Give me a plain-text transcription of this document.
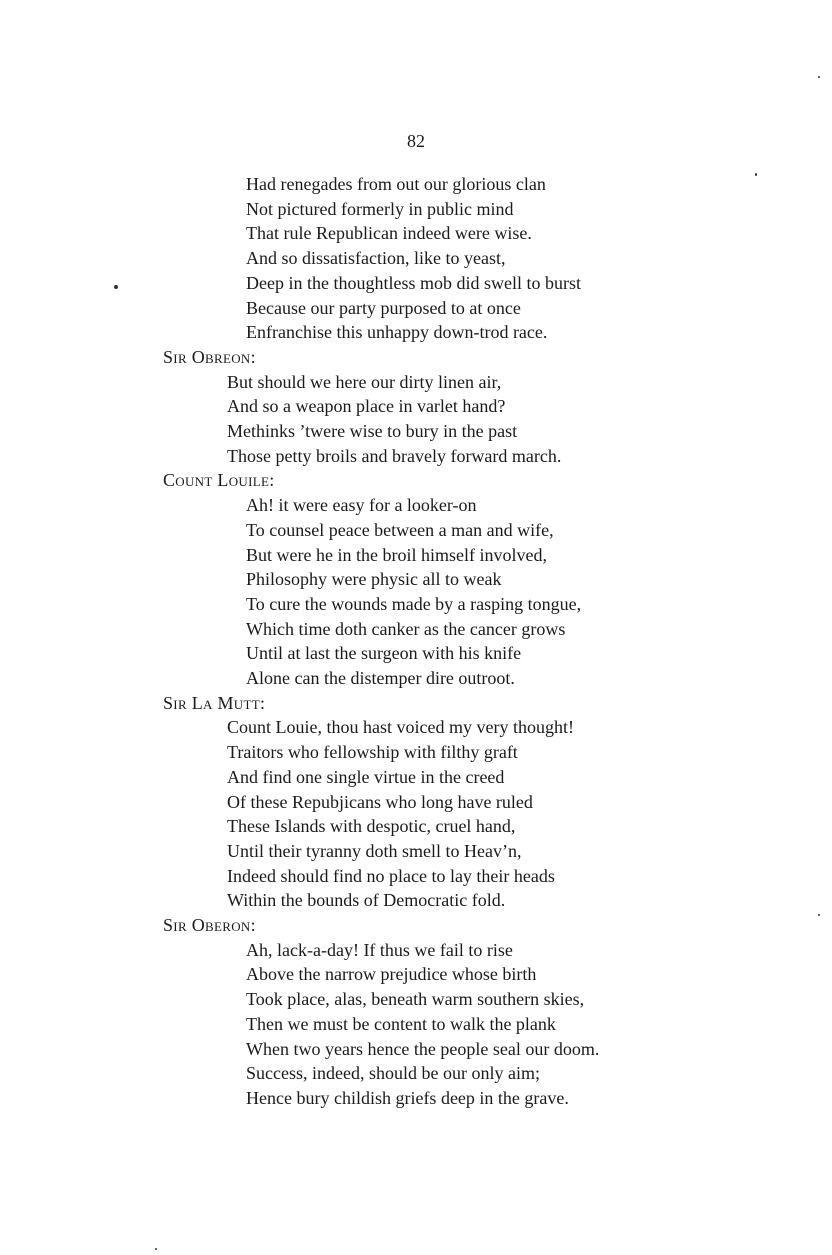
82
Had renegades from out our glorious clan
Not pictured formerly in public mind
That rule Republican indeed were wise.
And so dissatisfaction, like to yeast,
Deep in the thoughtless mob did swell to burst
Because our party purposed to at once
Enfranchise this unhappy down-trod race.
Sir Obreon:
But should we here our dirty linen air,
And so a weapon place in varlet hand?
Methinks ’twere wise to bury in the past
Those petty broils and bravely forward march.
Count Louile:
Ah! it were easy for a looker-on
To counsel peace between a man and wife,
But were he in the broil himself involved,
Philosophy were physic all to weak
To cure the wounds made by a rasping tongue,
Which time doth canker as the cancer grows
Until at last the surgeon with his knife
Alone can the distemper dire outroot.
Sir La Mutt:
Count Louie, thou hast voiced my very thought!
Traitors who fellowship with filthy graft
And find one single virtue in the creed
Of these Repubjicans who long have ruled
These Islands with despotic, cruel hand,
Until their tyranny doth smell to Heav’n,
Indeed should find no place to lay their heads
Within the bounds of Democratic fold.
Sir Oberon:
Ah, lack-a-day! If thus we fail to rise
Above the narrow prejudice whose birth
Took place, alas, beneath warm southern skies,
Then we must be content to walk the plank
When two years hence the people seal our doom.
Success, indeed, should be our only aim;
Hence bury childish griefs deep in the grave.
